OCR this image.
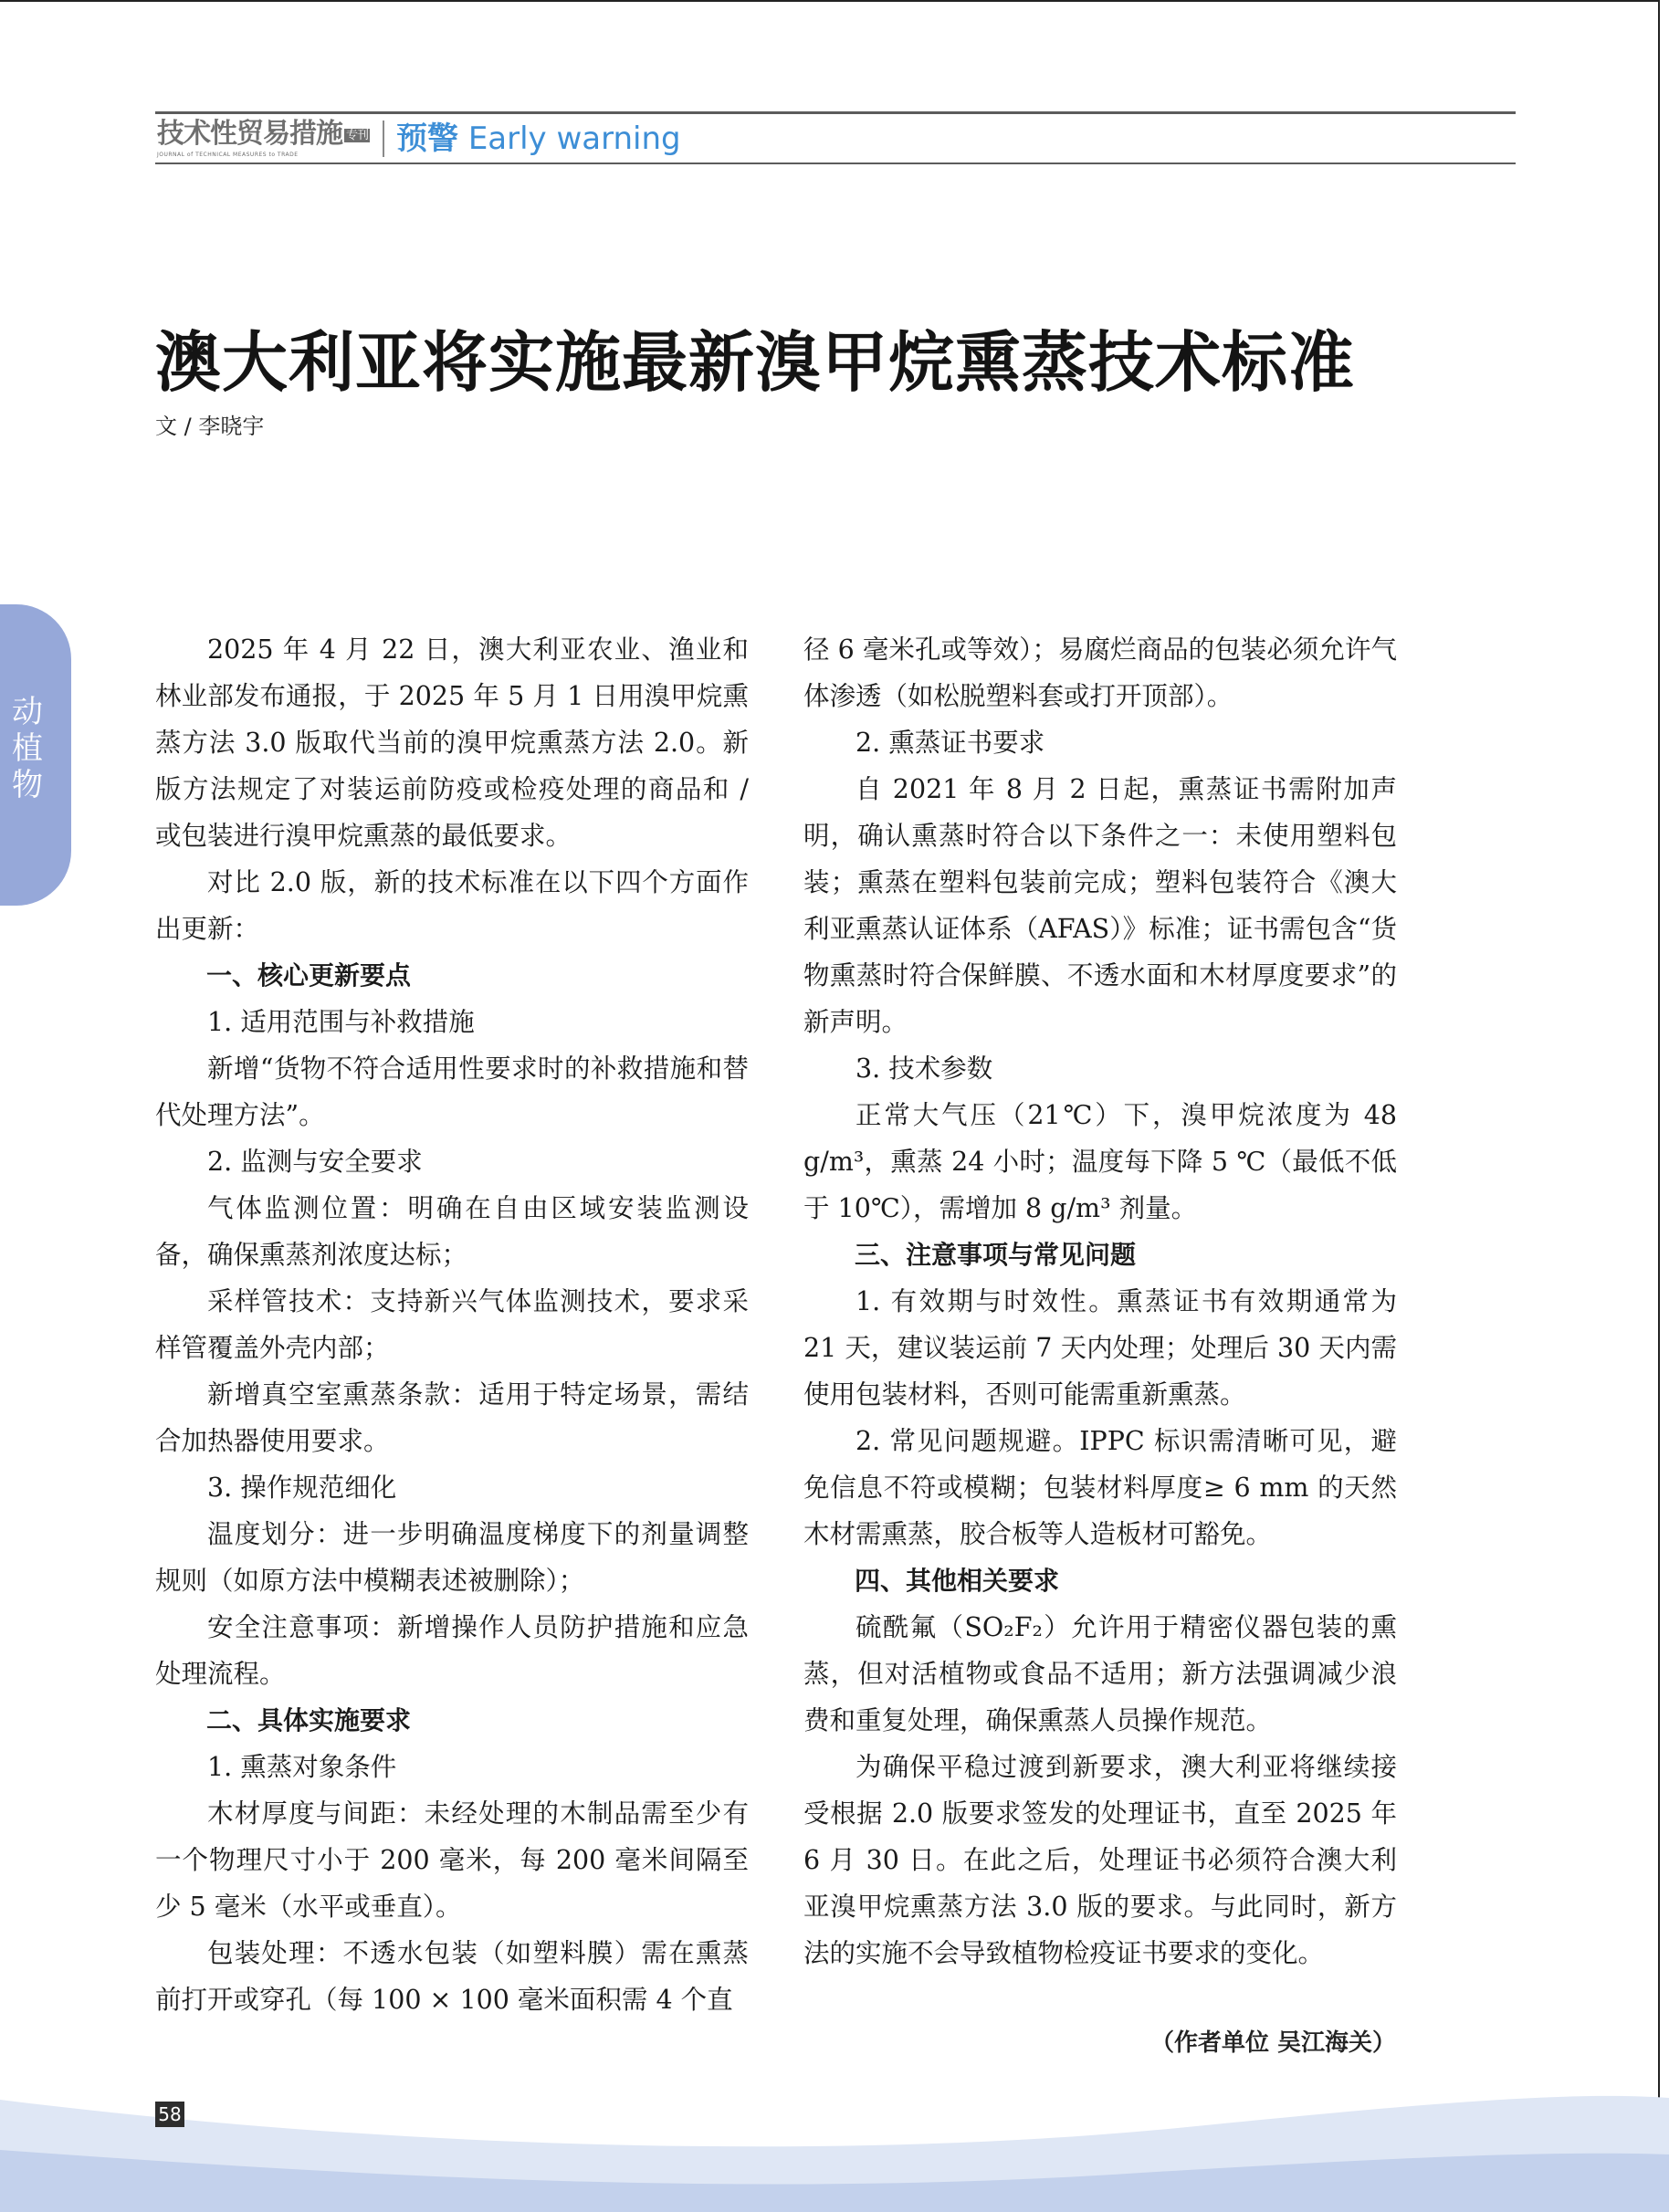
技术性贸易措施 专刊
JOURNAL of TECHNICAL MEASURES to TRADE	预警 Early warning
澳大利亚将实施最新溴甲烷熏蒸技术标准
文 / 李晓宇
动植物

2025 年 4 月 22 日，澳大利亚农业、渔业和林业部发布通报，于 2025 年 5 月 1 日用溴甲烷熏蒸方法 3.0 版取代当前的溴甲烷熏蒸方法 2.0。新版方法规定了对装运前防疫或检疫处理的商品和 / 或包装进行溴甲烷熏蒸的最低要求。

对比 2.0 版，新的技术标准在以下四个方面作出更新：

一、核心更新要点

1. 适用范围与补救措施

新增“货物不符合适用性要求时的补救措施和替代处理方法”。

2. 监测与安全要求

气体监测位置：明确在自由区域安装监测设备，确保熏蒸剂浓度达标；

采样管技术：支持新兴气体监测技术，要求采样管覆盖外壳内部；

新增真空室熏蒸条款：适用于特定场景，需结合加热器使用要求。

3. 操作规范细化

温度划分：进一步明确温度梯度下的剂量调整规则（如原方法中模糊表述被删除）；

安全注意事项：新增操作人员防护措施和应急处理流程。

二、具体实施要求

1. 熏蒸对象条件

木材厚度与间距：未经处理的木制品需至少有一个物理尺寸小于 200 毫米，每 200 毫米间隔至少 5 毫米（水平或垂直）。

包装处理：不透水包装（如塑料膜）需在熏蒸前打开或穿孔（每 100 × 100 毫米面积需 4 个直

径 6 毫米孔或等效）；易腐烂商品的包装必须允许气体渗透（如松脱塑料套或打开顶部）。

2. 熏蒸证书要求

自 2021 年 8 月 2 日起，熏蒸证书需附加声明，确认熏蒸时符合以下条件之一：未使用塑料包装；熏蒸在塑料包装前完成；塑料包装符合《澳大利亚熏蒸认证体系（AFAS）》标准；证书需包含“货物熏蒸时符合保鲜膜、不透水面和木材厚度要求”的新声明。

3. 技术参数

正常大气压（21℃）下，溴甲烷浓度为 48 g/m³，熏蒸 24 小时；温度每下降 5 ℃（最低不低于 10℃），需增加 8 g/m³ 剂量。

三、注意事项与常见问题

1. 有效期与时效性。熏蒸证书有效期通常为 21 天，建议装运前 7 天内处理；处理后 30 天内需使用包装材料，否则可能需重新熏蒸。

2. 常见问题规避。IPPC 标识需清晰可见，避免信息不符或模糊；包装材料厚度≥ 6 mm 的天然木材需熏蒸，胶合板等人造板材可豁免。

四、其他相关要求

硫酰氟（SO₂F₂）允许用于精密仪器包装的熏蒸，但对活植物或食品不适用；新方法强调减少浪费和重复处理，确保熏蒸人员操作规范。

为确保平稳过渡到新要求，澳大利亚将继续接受根据 2.0 版要求签发的处理证书，直至 2025 年 6 月 30 日。在此之后，处理证书必须符合澳大利亚溴甲烷熏蒸方法 3.0 版的要求。与此同时，新方法的实施不会导致植物检疫证书要求的变化。

（作者单位 吴江海关）
58
